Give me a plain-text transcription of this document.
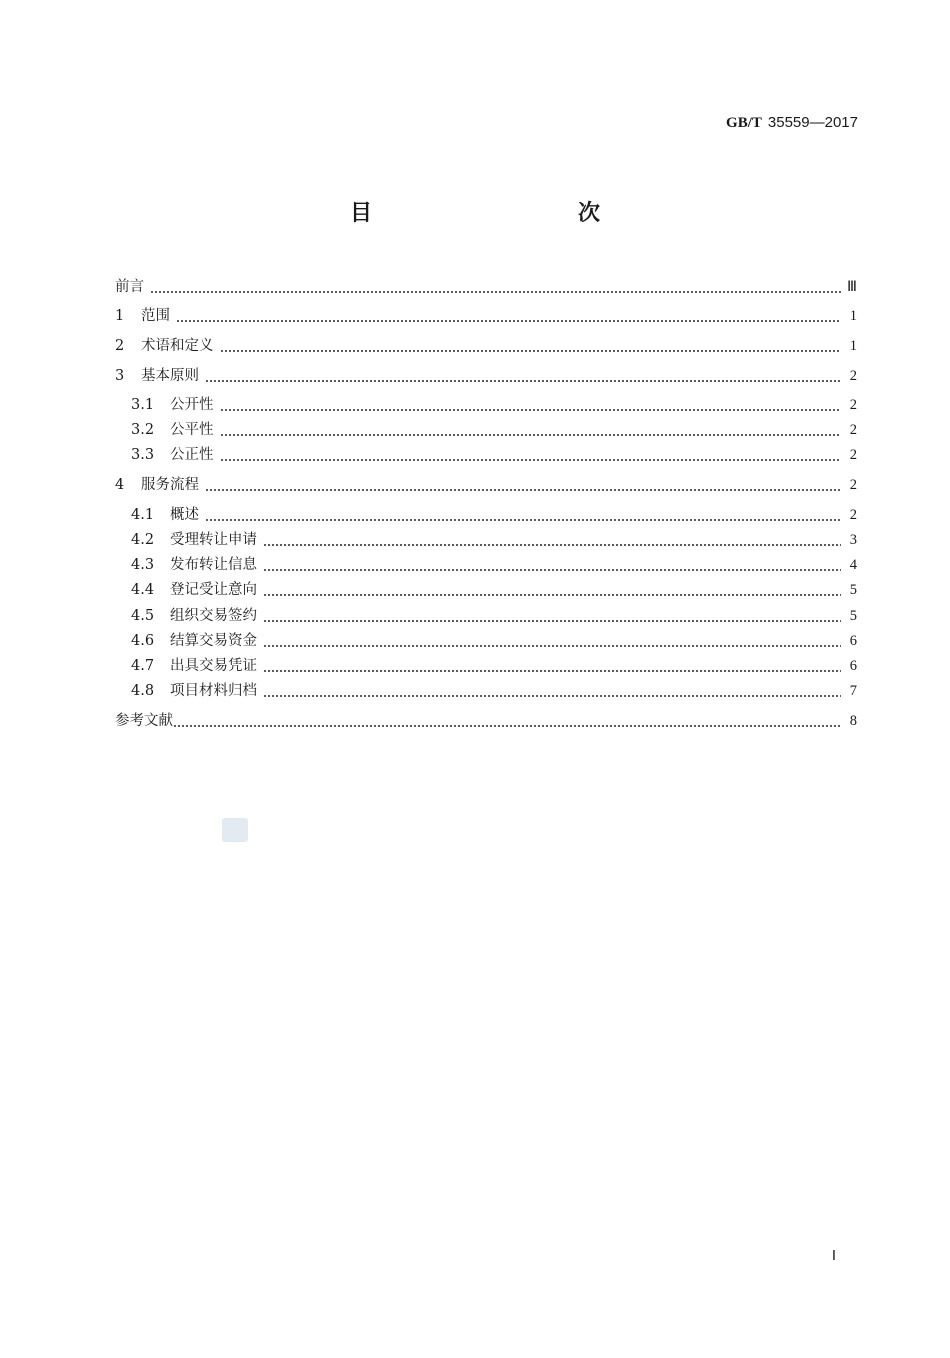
GB/T 35559—2017
目　　次
前言	Ⅲ
1	范围	1
2	术语和定义	1
3	基本原则	2
3.1	公开性	2
3.2	公平性	2
3.3	公正性	2
4	服务流程	2
4.1	概述	2
4.2	受理转让申请	3
4.3	发布转让信息	4
4.4	登记受让意向	5
4.5	组织交易签约	5
4.6	结算交易资金	6
4.7	出具交易凭证	6
4.8	项目材料归档	7
参考文献	8
Ⅰ
